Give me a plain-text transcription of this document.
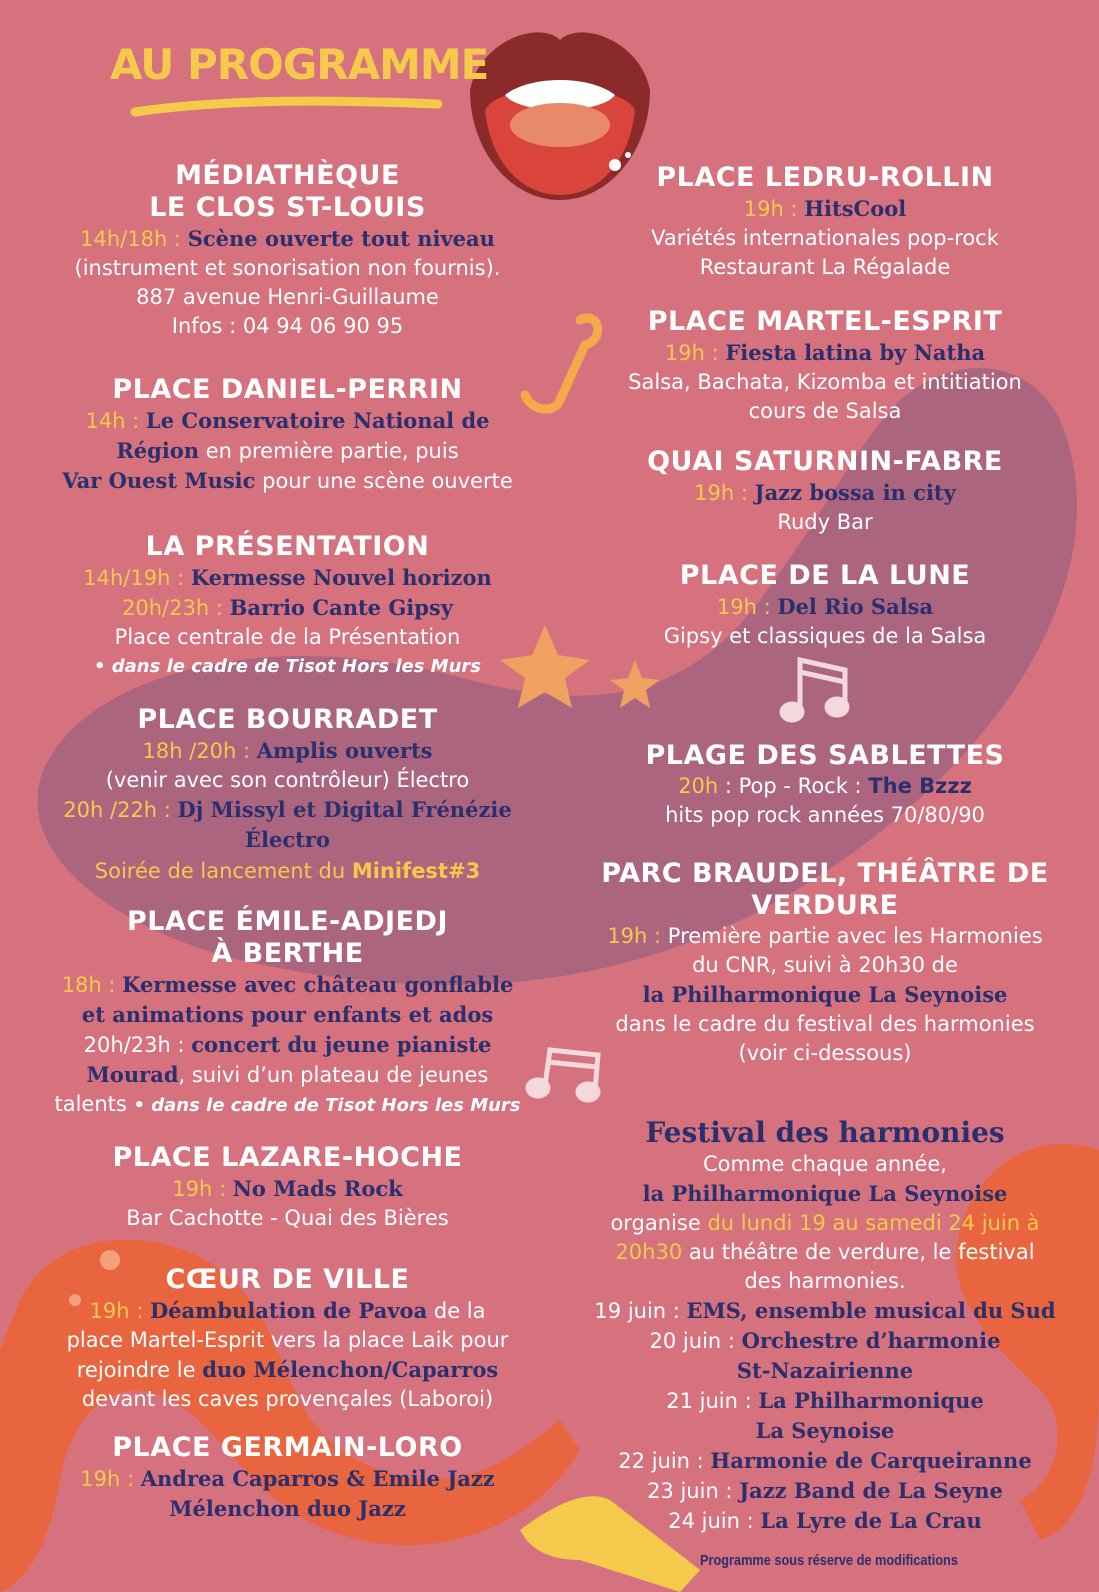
AU PROGRAMME
MÉDIATHÈQUE
LE CLOS ST-LOUIS
14h/18h : Scène ouverte tout niveau
(instrument et sonorisation non fournis).
887 avenue Henri-Guillaume
Infos : 04 94 06 90 95
PLACE DANIEL-PERRIN
14h : Le Conservatoire National de
Région en première partie, puis
Var Ouest Music pour une scène ouverte
LA PRÉSENTATION
14h/19h : Kermesse Nouvel horizon
20h/23h : Barrio Cante Gipsy
Place centrale de la Présentation
• dans le cadre de Tisot Hors les Murs
PLACE BOURRADET
18h /20h : Amplis ouverts
(venir avec son contrôleur) Électro
20h /22h : Dj Missyl et Digital Frénézie
Électro
Soirée de lancement du Minifest#3
PLACE ÉMILE-ADJEDJ
À BERTHE
18h : Kermesse avec château gonflable
et animations pour enfants et ados
20h/23h : concert du jeune pianiste
Mourad, suivi d’un plateau de jeunes
talents • dans le cadre de Tisot Hors les Murs
PLACE LAZARE-HOCHE
19h : No Mads Rock
Bar Cachotte - Quai des Bières
CŒUR DE VILLE
19h : Déambulation de Pavoa de la
place Martel-Esprit vers la place Laik pour
rejoindre le duo Mélenchon/Caparros
devant les caves provençales (Laboroi)
PLACE GERMAIN-LORO
19h : Andrea Caparros & Emile Jazz
Mélenchon duo Jazz
PLACE LEDRU-ROLLIN
19h : HitsCool
Variétés internationales pop-rock
Restaurant La Régalade
PLACE MARTEL-ESPRIT
19h : Fiesta latina by Natha
Salsa, Bachata, Kizomba et intitiation
cours de Salsa
QUAI SATURNIN-FABRE
19h : Jazz bossa in city
Rudy Bar
PLACE DE LA LUNE
19h : Del Rio Salsa
Gipsy et classiques de la Salsa
PLAGE DES SABLETTES
20h : Pop - Rock : The Bzzz
hits pop rock années 70/80/90
PARC BRAUDEL, THÉÂTRE DE
VERDURE
19h : Première partie avec les Harmonies
du CNR, suivi à 20h30 de
la Philharmonique La Seynoise
dans le cadre du festival des harmonies
(voir ci-dessous)
Festival des harmonies
Comme chaque année,
la Philharmonique La Seynoise
organise du lundi 19 au samedi 24 juin à
20h30 au théâtre de verdure, le festival
des harmonies.
19 juin : EMS, ensemble musical du Sud
20 juin : Orchestre d’harmonie
St-Nazairienne
21 juin : La Philharmonique
La Seynoise
22 juin : Harmonie de Carqueiranne
23 juin : Jazz Band de La Seyne
24 juin : La Lyre de La Crau
Programme sous réserve de modifications
